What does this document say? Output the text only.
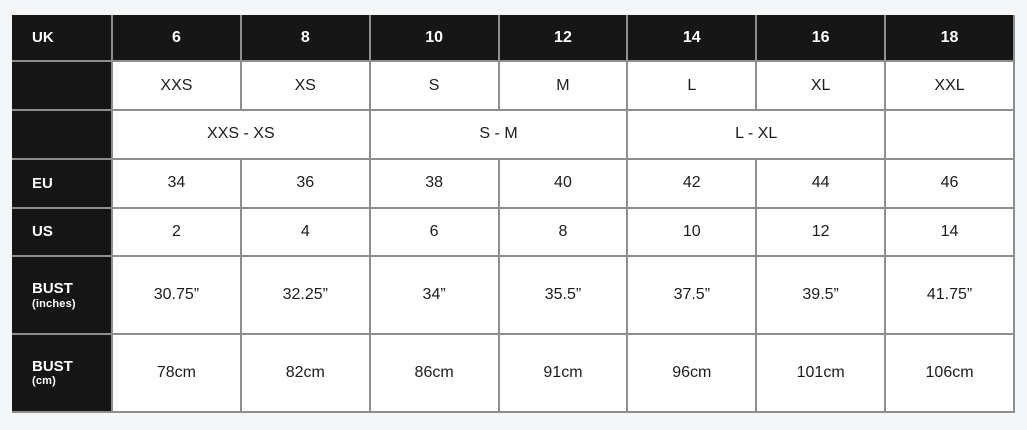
UK	6	8	10	12	14	16	18
	XXS	XS	S	M	L	XL	XXL
	XXS - XS		S - M		L - XL		
EU	34	36	38	40	42	44	46
US	2	4	6	8	10	12	14
BUST
(inches)	30.75”	32.25”	34”	35.5”	37.5”	39.5”	41.75”
BUST
(cm)	78cm	82cm	86cm	91cm	96cm	101cm	106cm
